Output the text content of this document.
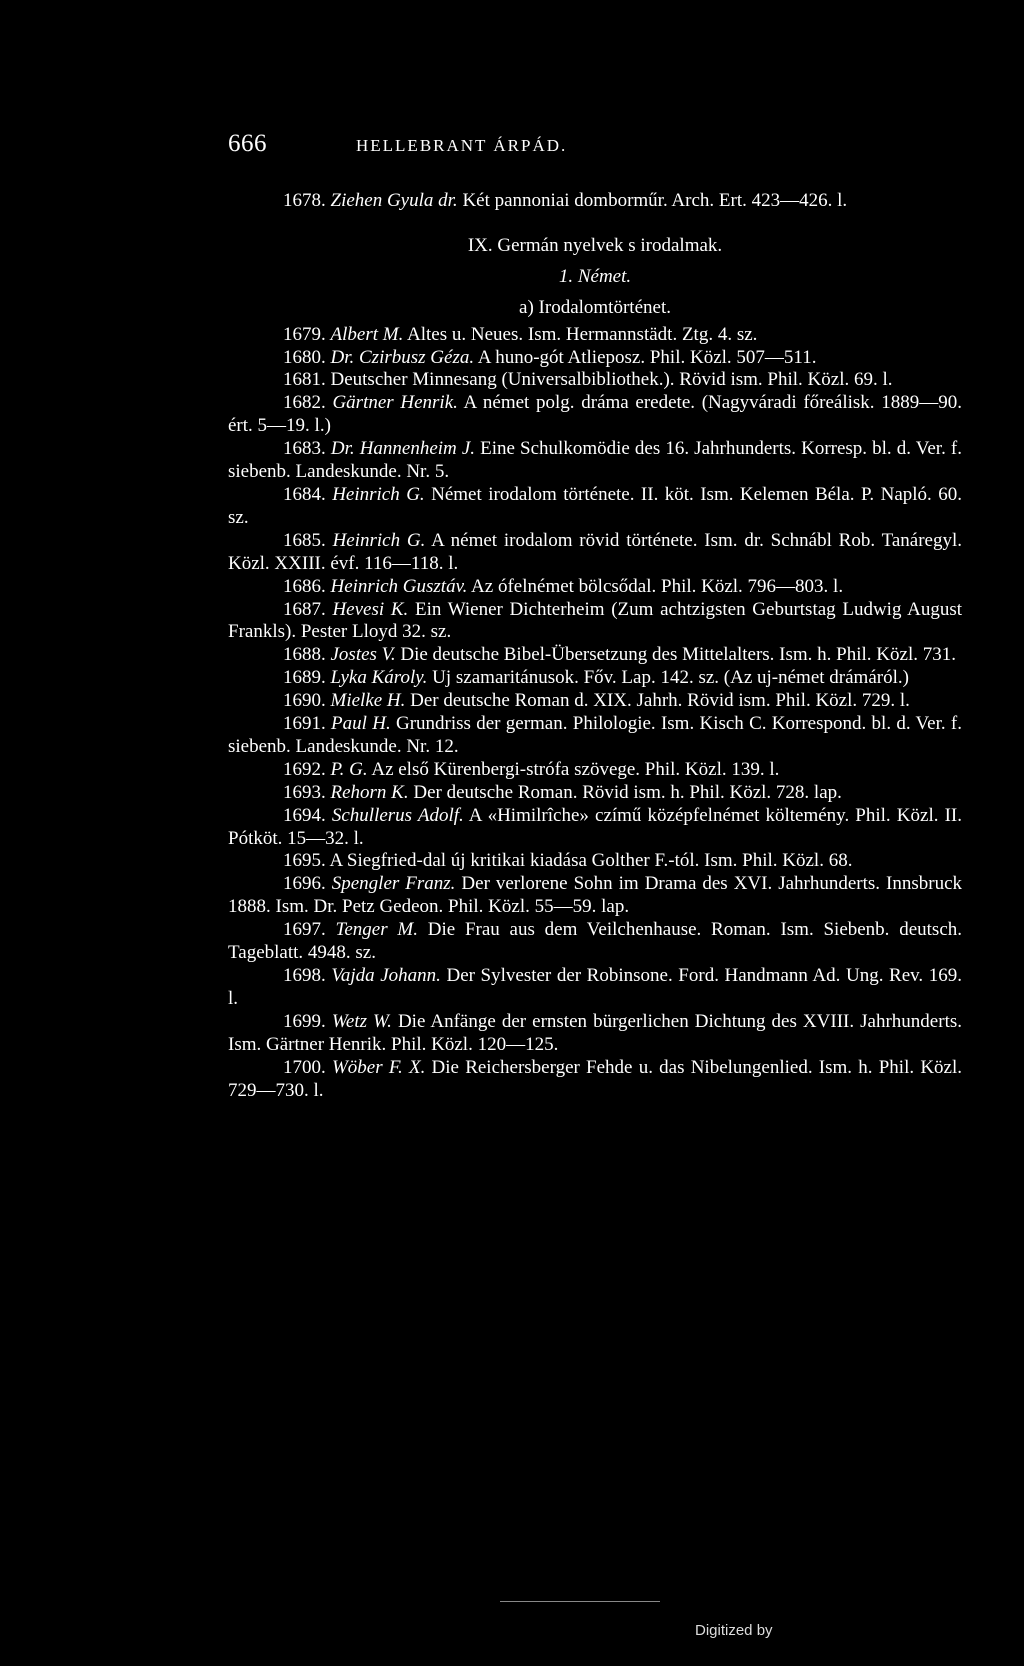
666	HELLEBRANT ÁRPÁD.

1678. Ziehen Gyula dr. Két pannoniai domborműr. Arch. Ert. 423—426. l.

IX. Germán nyelvek s irodalmak.

1. Német.

a) Irodalomtörténet.

1679. Albert M. Altes u. Neues. Ism. Hermannstädt. Ztg. 4. sz.

1680. Dr. Czirbusz Géza. A huno-gót Atlieposz. Phil. Közl. 507—511.

1681. Deutscher Minnesang (Universalbibliothek.). Rövid ism. Phil. Közl. 69. l.

1682. Gärtner Henrik. A német polg. dráma eredete. (Nagyváradi főreálisk. 1889—90. ért. 5—19. l.)

1683. Dr. Hannenheim J. Eine Schulkomödie des 16. Jahrhunderts. Korresp. bl. d. Ver. f. siebenb. Landeskunde. Nr. 5.

1684. Heinrich G. Német irodalom története. II. köt. Ism. Kelemen Béla. P. Napló. 60. sz.

1685. Heinrich G. A német irodalom rövid története. Ism. dr. Schnábl Rob. Tanáregyl. Közl. XXIII. évf. 116—118. l.

1686. Heinrich Gusztáv. Az ófelnémet bölcsődal. Phil. Közl. 796—803. l.

1687. Hevesi K. Ein Wiener Dichterheim (Zum achtzigsten Geburtstag Ludwig August Frankls). Pester Lloyd 32. sz.

1688. Jostes V. Die deutsche Bibel-Übersetzung des Mittelalters. Ism. h. Phil. Közl. 731.

1689. Lyka Károly. Uj szamaritánusok. Főv. Lap. 142. sz. (Az uj-német drámáról.)

1690. Mielke H. Der deutsche Roman d. XIX. Jahrh. Rövid ism. Phil. Közl. 729. l.

1691. Paul H. Grundriss der german. Philologie. Ism. Kisch C. Korrespond. bl. d. Ver. f. siebenb. Landeskunde. Nr. 12.

1692. P. G. Az első Kürenbergi-strófa szövege. Phil. Közl. 139. l.

1693. Rehorn K. Der deutsche Roman. Rövid ism. h. Phil. Közl. 728. lap.

1694. Schullerus Adolf. A «Himilrîche» czímű középfelnémet költemény. Phil. Közl. II. Pótköt. 15—32. l.

1695. A Siegfried-dal új kritikai kiadása Golther F.-tól. Ism. Phil. Közl. 68.

1696. Spengler Franz. Der verlorene Sohn im Drama des XVI. Jahrhunderts. Innsbruck 1888. Ism. Dr. Petz Gedeon. Phil. Közl. 55—59. lap.

1697. Tenger M. Die Frau aus dem Veilchenhause. Roman. Ism. Siebenb. deutsch. Tageblatt. 4948. sz.

1698. Vajda Johann. Der Sylvester der Robinsone. Ford. Handmann Ad. Ung. Rev. 169. l.

1699. Wetz W. Die Anfänge der ernsten bürgerlichen Dichtung des XVIII. Jahrhunderts. Ism. Gärtner Henrik. Phil. Közl. 120—125.

1700. Wöber F. X. Die Reichersberger Fehde u. das Nibelungenlied. Ism. h. Phil. Közl. 729—730. l.

Digitized by
